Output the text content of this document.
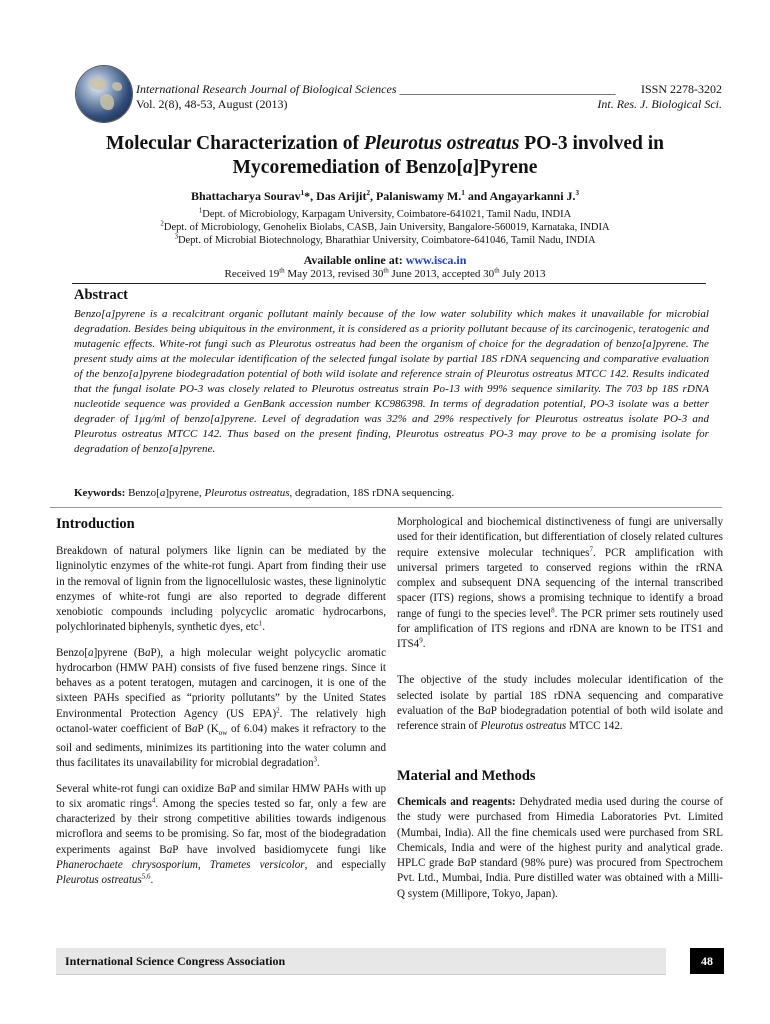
International Research Journal of Biological Sciences ____________________________________
Vol. 2(8), 48-53, August (2013)
ISSN 2278-3202
Int. Res. J. Biological Sci.
Molecular Characterization of Pleurotus ostreatus PO-3 involved in
Mycoremediation of Benzo[a]Pyrene
Bhattacharya Sourav$^1$*, Das Arijit$^2$, Palaniswamy M.$^1$ and Angayarkanni J.$^3$
$^1$Dept. of Microbiology, Karpagam University, Coimbatore-641021, Tamil Nadu, INDIA
$^2$Dept. of Microbiology, Genohelix Biolabs, CASB, Jain University, Bangalore-560019, Karnataka, INDIA
$^3$Dept. of Microbial Biotechnology, Bharathiar University, Coimbatore-641046, Tamil Nadu, INDIA
Available online at: www.isca.in
Received 19th May 2013, revised 30th June 2013, accepted 30th July 2013
Abstract
Benzo[a]pyrene is a recalcitrant organic pollutant mainly because of the low water solubility which makes it unavailable for microbial degradation. Besides being ubiquitous in the environment, it is considered as a priority pollutant because of its carcinogenic, teratogenic and mutagenic effects. White-rot fungi such as Pleurotus ostreatus had been the organism of choice for the degradation of benzo[a]pyrene. The present study aims at the molecular identification of the selected fungal isolate by partial 18S rDNA sequencing and comparative evaluation of the benzo[a]pyrene biodegradation potential of both wild isolate and reference strain of Pleurotus ostreatus MTCC 142. Results indicated that the fungal isolate PO-3 was closely related to Pleurotus ostreatus strain Po-13 with 99% sequence similarity. The 703 bp 18S rDNA nucleotide sequence was provided a GenBank accession number KC986398. In terms of degradation potential, PO-3 isolate was a better degrader of 1µg/ml of benzo[a]pyrene. Level of degradation was 32% and 29% respectively for Pleurotus ostreatus isolate PO-3 and Pleurotus ostreatus MTCC 142. Thus based on the present finding, Pleurotus ostreatus PO-3 may prove to be a promising isolate for degradation of benzo[a]pyrene.
Keywords: Benzo[a]pyrene, Pleurotus ostreatus, degradation, 18S rDNA sequencing.
Introduction

Breakdown of natural polymers like lignin can be mediated by the ligninolytic enzymes of the white-rot fungi. Apart from finding their use in the removal of lignin from the lignocellulosic wastes, these ligninolytic enzymes of white-rot fungi are also reported to degrade different xenobiotic compounds including polycyclic aromatic hydrocarbons, polychlorinated biphenyls, synthetic dyes, etc$^1$.

Benzo[a]pyrene (BaP), a high molecular weight polycyclic aromatic hydrocarbon (HMW PAH) consists of five fused benzene rings. Since it behaves as a potent teratogen, mutagen and carcinogen, it is one of the sixteen PAHs specified as “priority pollutants” by the United States Environmental Protection Agency (US EPA)$^2$. The relatively high octanol-water coefficient of BaP ($K_{ow}$ of 6.04) makes it refractory to the soil and sediments, minimizes its partitioning into the water column and thus facilitates its unavailability for microbial degradation$^3$.

Several white-rot fungi can oxidize BaP and similar HMW PAHs with up to six aromatic rings$^4$. Among the species tested so far, only a few are characterized by their strong competitive abilities towards indigenous microflora and seems to be promising. So far, most of the biodegradation experiments against BaP have involved basidiomycete fungi like Phanerochaete chrysosporium, Trametes versicolor, and especially Pleurotus ostreatus$^{5,6}$.

Morphological and biochemical distinctiveness of fungi are universally used for their identification, but differentiation of closely related cultures require extensive molecular techniques$^7$. PCR amplification with universal primers targeted to conserved regions within the rRNA complex and subsequent DNA sequencing of the internal transcribed spacer (ITS) regions, shows a promising technique to identify a broad range of fungi to the species level$^8$. The PCR primer sets routinely used for amplification of ITS regions and rDNA are known to be ITS1 and $ITS4^9$.

The objective of the study includes molecular identification of the selected isolate by partial 18S rDNA sequencing and comparative evaluation of the BaP biodegradation potential of both wild isolate and reference strain of Pleurotus ostreatus MTCC 142.

Material and Methods
Chemicals and reagents: Dehydrated media used during the course of the study were purchased from Himedia Laboratories Pvt. Limited (Mumbai, India). All the fine chemicals used were purchased from SRL Chemicals, India and were of the highest purity and analytical grade. HPLC grade BaP standard (98% pure) was procured from Spectrochem Pvt. Ltd., Mumbai, India. Pure distilled water was obtained with a Milli-Q system (Millipore, Tokyo, Japan).
International Science Congress Association	48
